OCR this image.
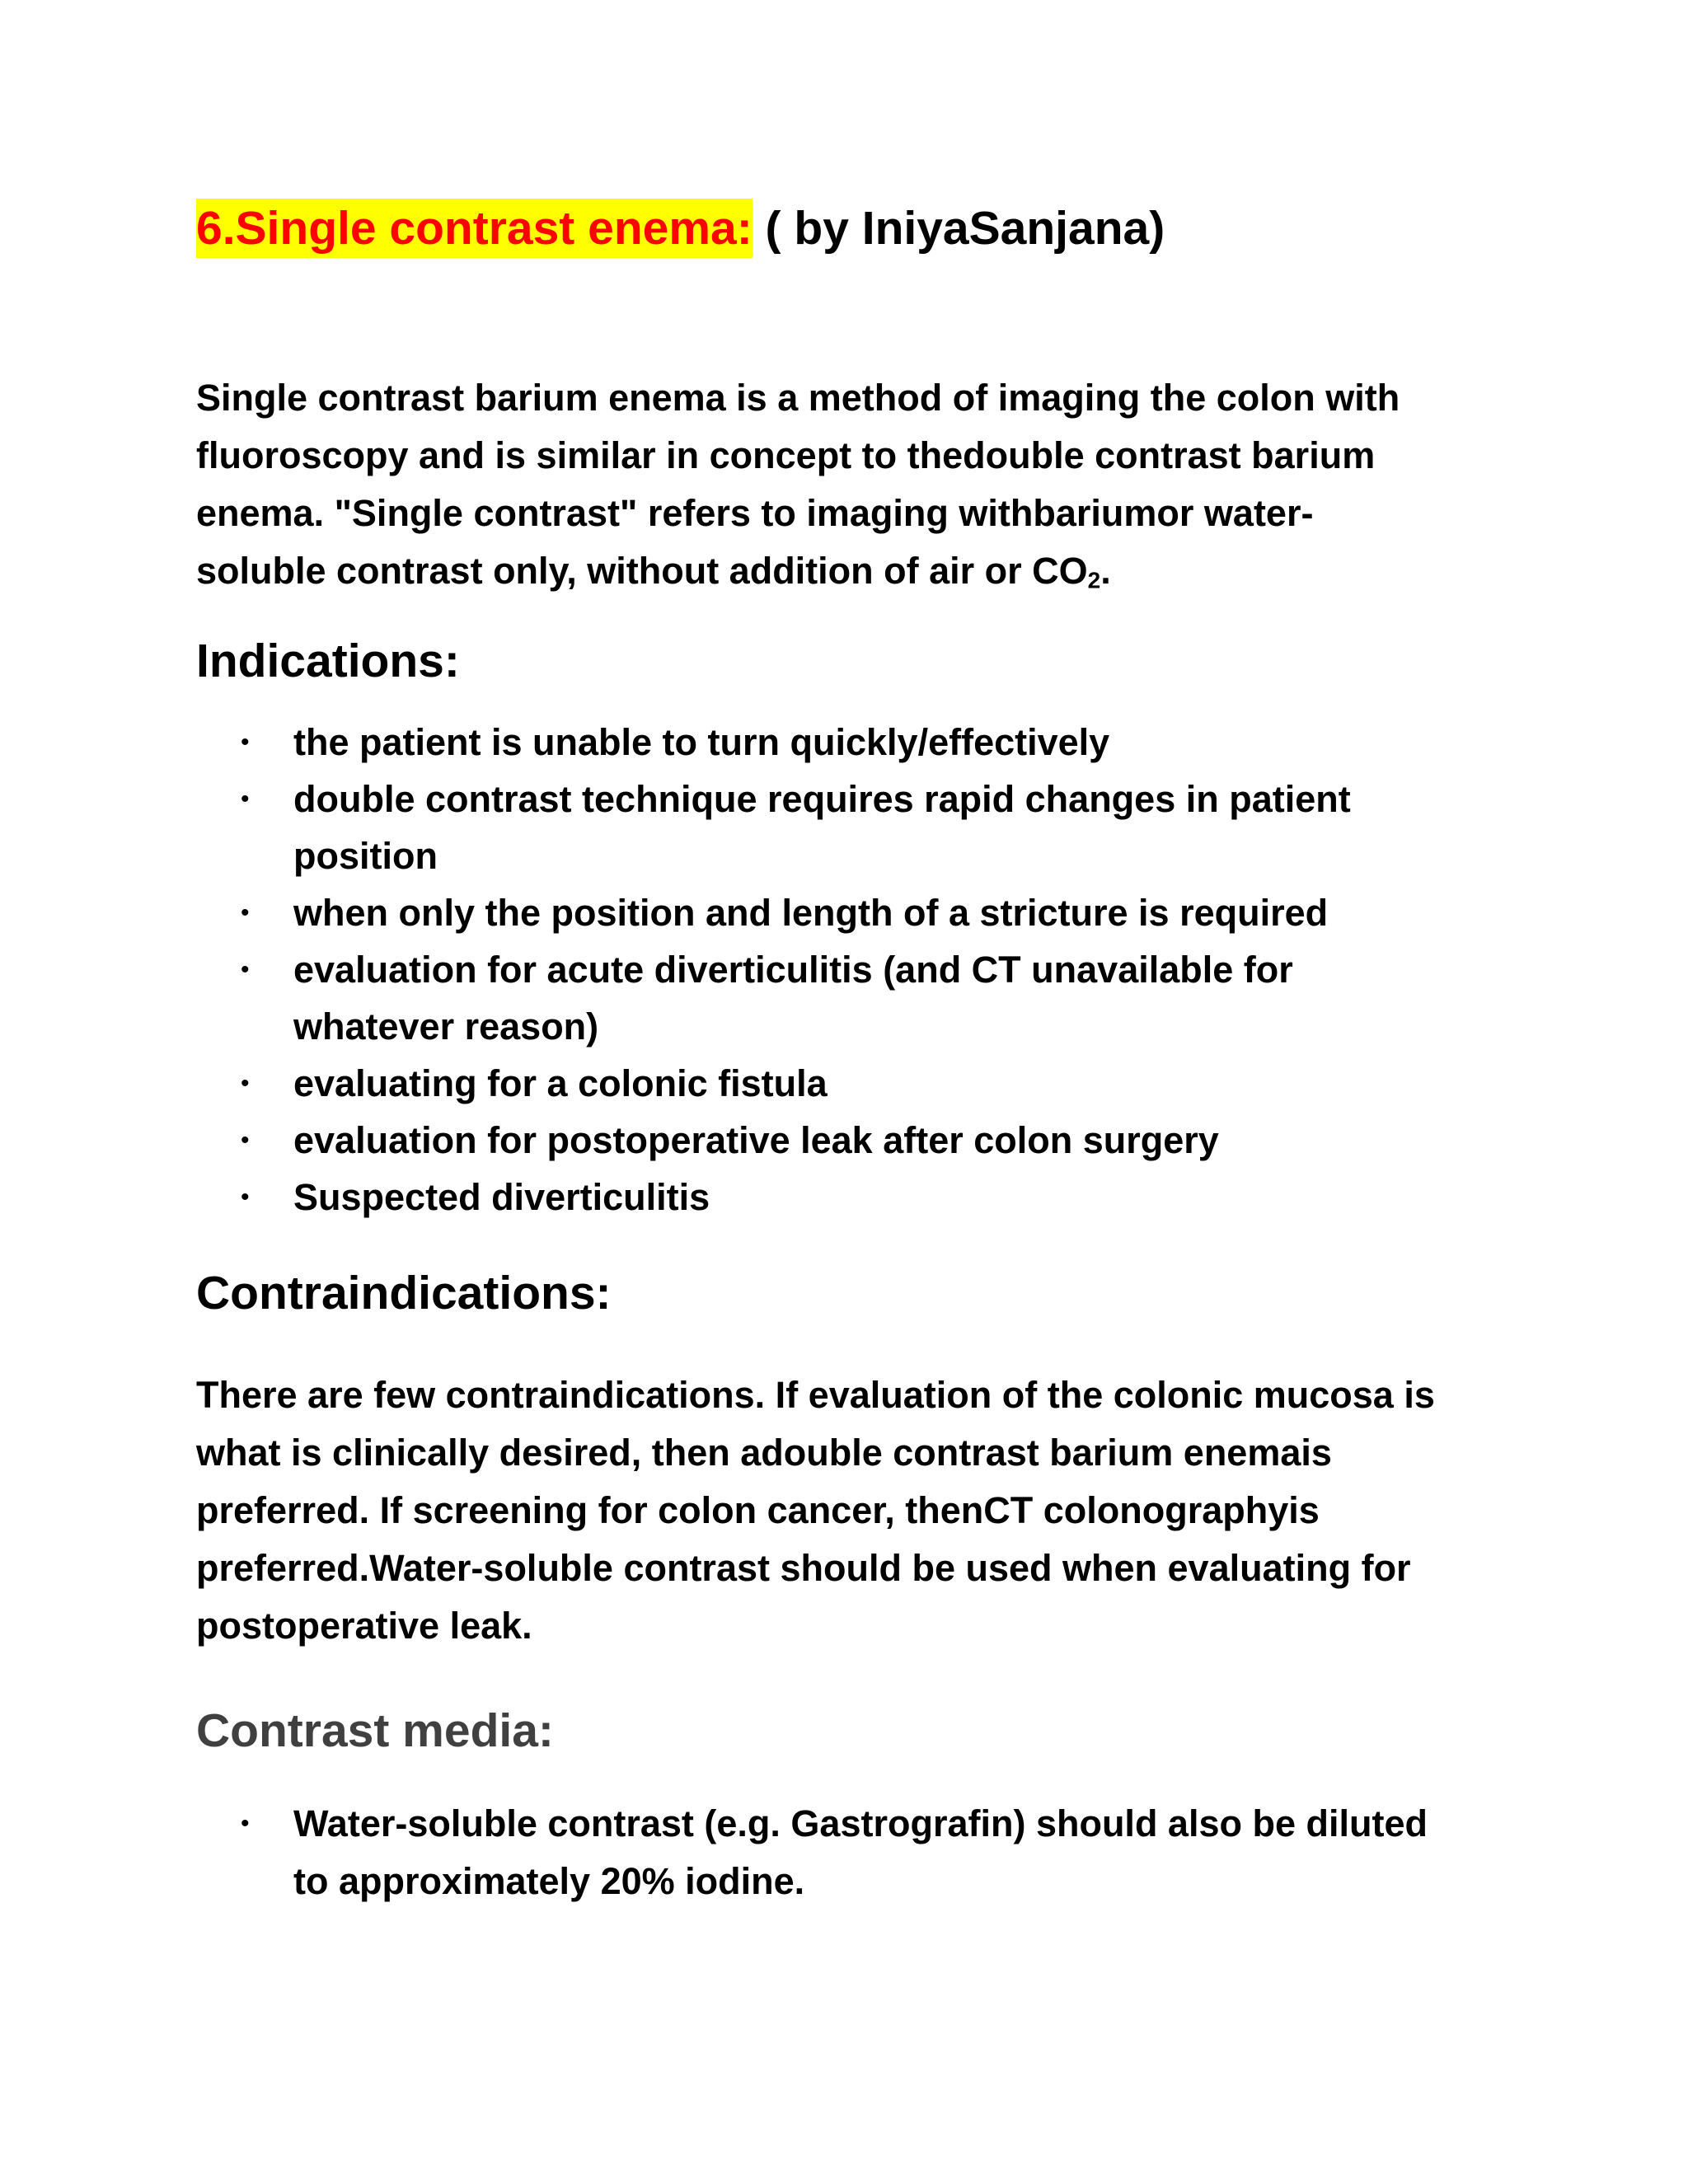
6.Single contrast enema: ( by IniyaSanjana)

Single contrast barium enema is a method of imaging the colon with
fluoroscopy and is similar in concept to thedouble contrast barium
enema. "Single contrast" refers to imaging withbariumor water-
soluble contrast only, without addition of air or $CO_2$.

Indications:
• the patient is unable to turn quickly/effectively
• double contrast technique requires rapid changes in patient
position
• when only the position and length of a stricture is required
• evaluation for acute diverticulitis (and CT unavailable for
whatever reason)
• evaluating for a colonic fistula
• evaluation for postoperative leak after colon surgery
• Suspected diverticulitis
Contraindications:

There are few contraindications. If evaluation of the colonic mucosa is
what is clinically desired, then adouble contrast barium enemais
preferred. If screening for colon cancer, thenCT colonographyis
preferred.Water-soluble contrast should be used when evaluating for
postoperative leak.

Contrast media:
• Water-soluble contrast (e.g. Gastrografin) should also be diluted
to approximately 20% iodine.
